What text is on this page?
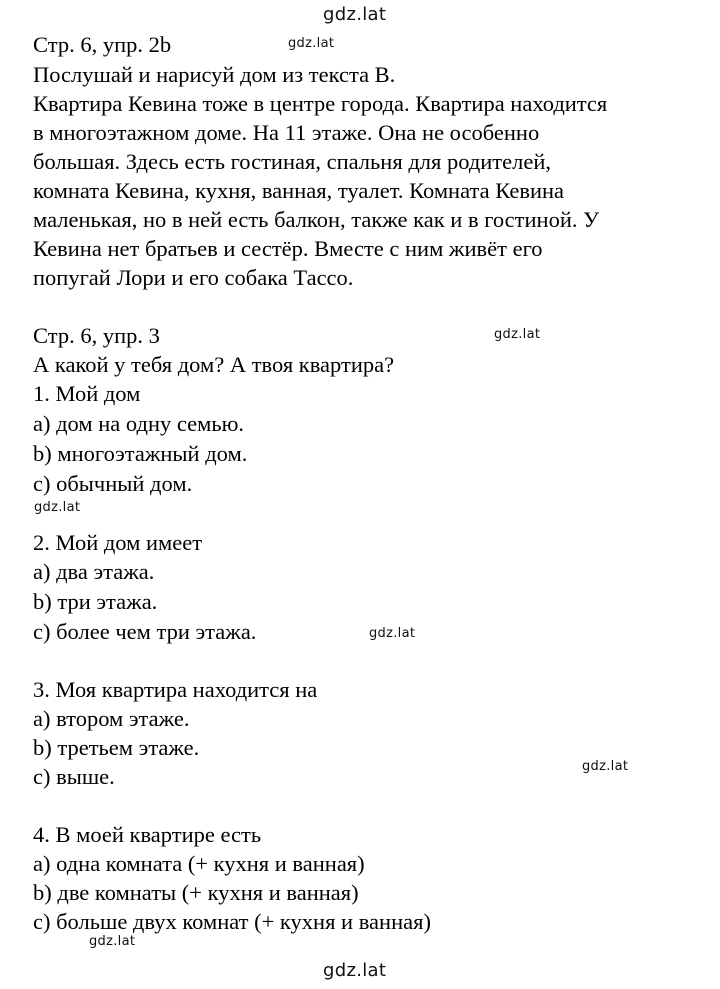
gdz.lat
gdz.lat
gdz.lat
gdz.lat
gdz.lat
gdz.lat
gdz.lat
gdz.lat
Стр. 6, упр. 2b
Послушай и нарисуй дом из текста B.
Квартира Кевина тоже в центре города. Квартира находится
в многоэтажном доме. На 11 этаже. Она не особенно
большая. Здесь есть гостиная, спальня для родителей,
комната Кевина, кухня, ванная, туалет. Комната Кевина
маленькая, но в ней есть балкон, также как и в гостиной. У
Кевина нет братьев и сестёр. Вместе с ним живёт его
попугай Лори и его собака Тассо.
Стр. 6, упр. 3
А какой у тебя дом? А твоя квартира?
1. Мой дом
a) дом на одну семью.
b) многоэтажный дом.
c) обычный дом.
2. Мой дом имеет
a) два этажа.
b) три этажа.
c) более чем три этажа.
3. Моя квартира находится на
a) втором этаже.
b) третьем этаже.
c) выше.
4. В моей квартире есть
a) одна комната (+ кухня и ванная)
b) две комнаты (+ кухня и ванная)
c) больше двух комнат (+ кухня и ванная)
